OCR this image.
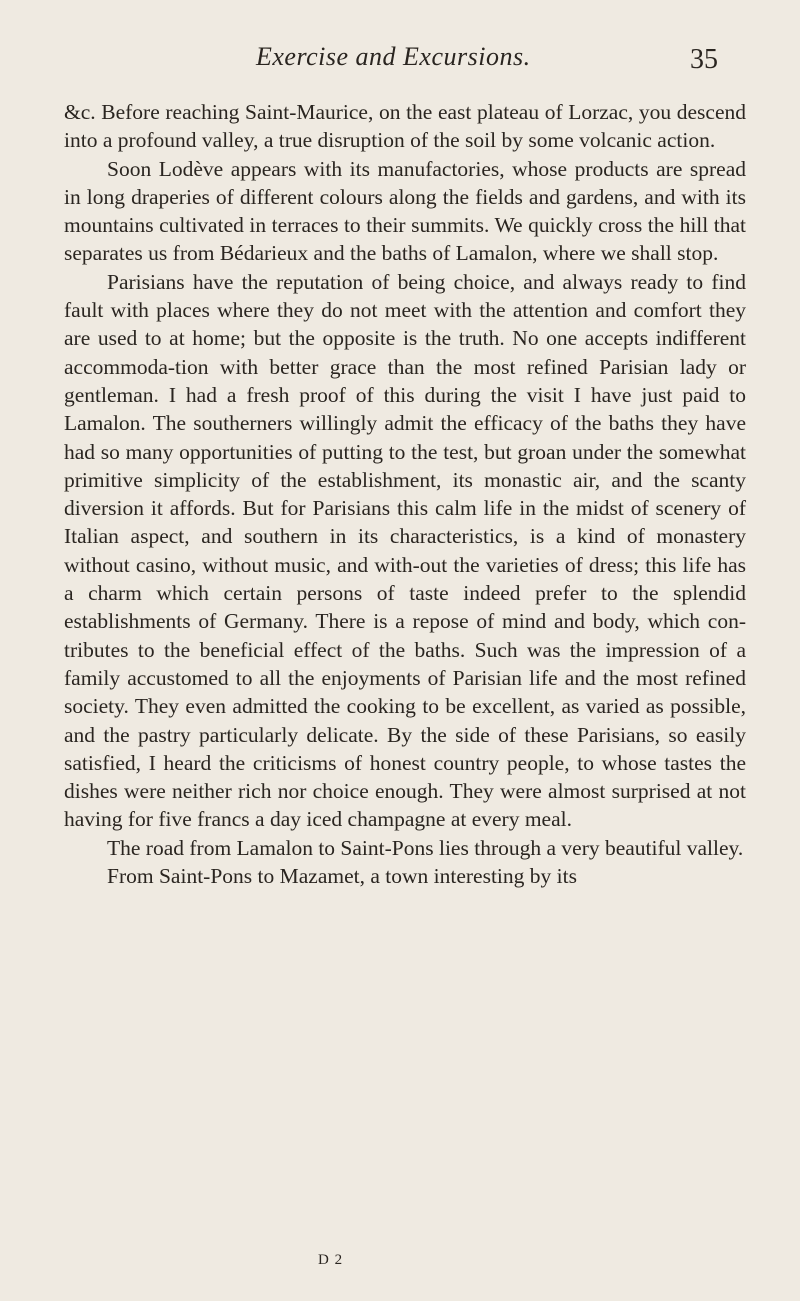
Exercise and Excursions.	35

&c. Before reaching Saint-Maurice, on the east plateau of Lorzac, you descend into a profound valley, a true disruption of the soil by some volcanic action.

Soon Lodève appears with its manufactories, whose products are spread in long draperies of different colours along the fields and gardens, and with its mountains cultivated in terraces to their summits. We quickly cross the hill that separates us from Bédarieux and the baths of Lamalon, where we shall stop.

Parisians have the reputation of being choice, and always ready to find fault with places where they do not meet with the attention and comfort they are used to at home; but the opposite is the truth. No one accepts indifferent accommoda-tion with better grace than the most refined Parisian lady or gentleman. I had a fresh proof of this during the visit I have just paid to Lamalon. The southerners willingly admit the efficacy of the baths they have had so many opportunities of putting to the test, but groan under the somewhat primitive simplicity of the establishment, its monastic air, and the scanty diversion it affords. But for Parisians this calm life in the midst of scenery of Italian aspect, and southern in its characteristics, is a kind of monastery without casino, without music, and with-out the varieties of dress; this life has a charm which certain persons of taste indeed prefer to the splendid establishments of Germany. There is a repose of mind and body, which con-tributes to the beneficial effect of the baths. Such was the impression of a family accustomed to all the enjoyments of Parisian life and the most refined society. They even admitted the cooking to be excellent, as varied as possible, and the pastry particularly delicate. By the side of these Parisians, so easily satisfied, I heard the criticisms of honest country people, to whose tastes the dishes were neither rich nor choice enough. They were almost surprised at not having for five francs a day iced champagne at every meal.

The road from Lamalon to Saint-Pons lies through a very beautiful valley.

From Saint-Pons to Mazamet, a town interesting by its

D 2
